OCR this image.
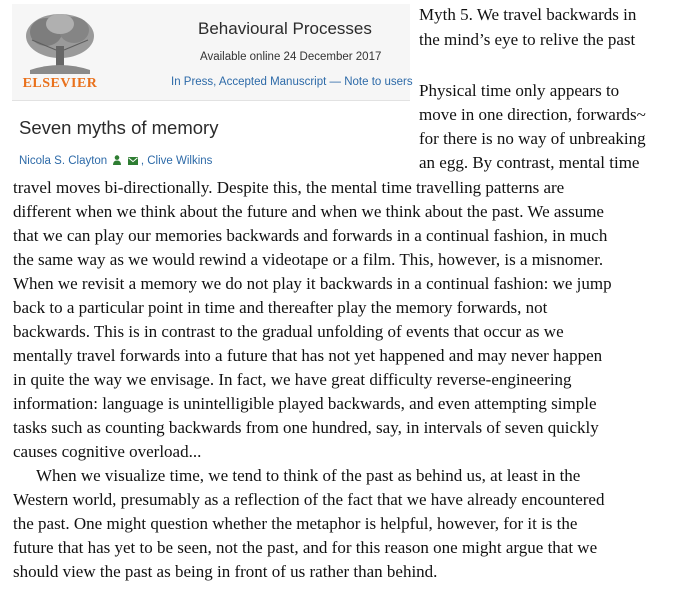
ELSEVIER
Behavioural Processes
Available online 24 December 2017
In Press, Accepted Manuscript — Note to users
Seven myths of memory
Nicola S. Clayton	, Clive Wilkins
Myth 5. We travel backwards in
the mind’s eye to relive the past
Physical time only appears to
move in one direction, forwards~
for there is no way of unbreaking
an egg. By contrast, mental time
travel moves bi-directionally. Despite this, the mental time travelling patterns are
different when we think about the future and when we think about the past. We assume
that we can play our memories backwards and forwards in a continual fashion, in much
the same way as we would rewind a videotape or a film. This, however, is a misnomer.
When we revisit a memory we do not play it backwards in a continual fashion: we jump
back to a particular point in time and thereafter play the memory forwards, not
backwards. This is in contrast to the gradual unfolding of events that occur as we
mentally travel forwards into a future that has not yet happened and may never happen
in quite the way we envisage. In fact, we have great difficulty reverse-engineering
information: language is unintelligible played backwards, and even attempting simple
tasks such as counting backwards from one hundred, say, in intervals of seven quickly
causes cognitive overload...
When we visualize time, we tend to think of the past as behind us, at least in the
Western world, presumably as a reflection of the fact that we have already encountered
the past. One might question whether the metaphor is helpful, however, for it is the
future that has yet to be seen, not the past, and for this reason one might argue that we
should view the past as being in front of us rather than behind.
